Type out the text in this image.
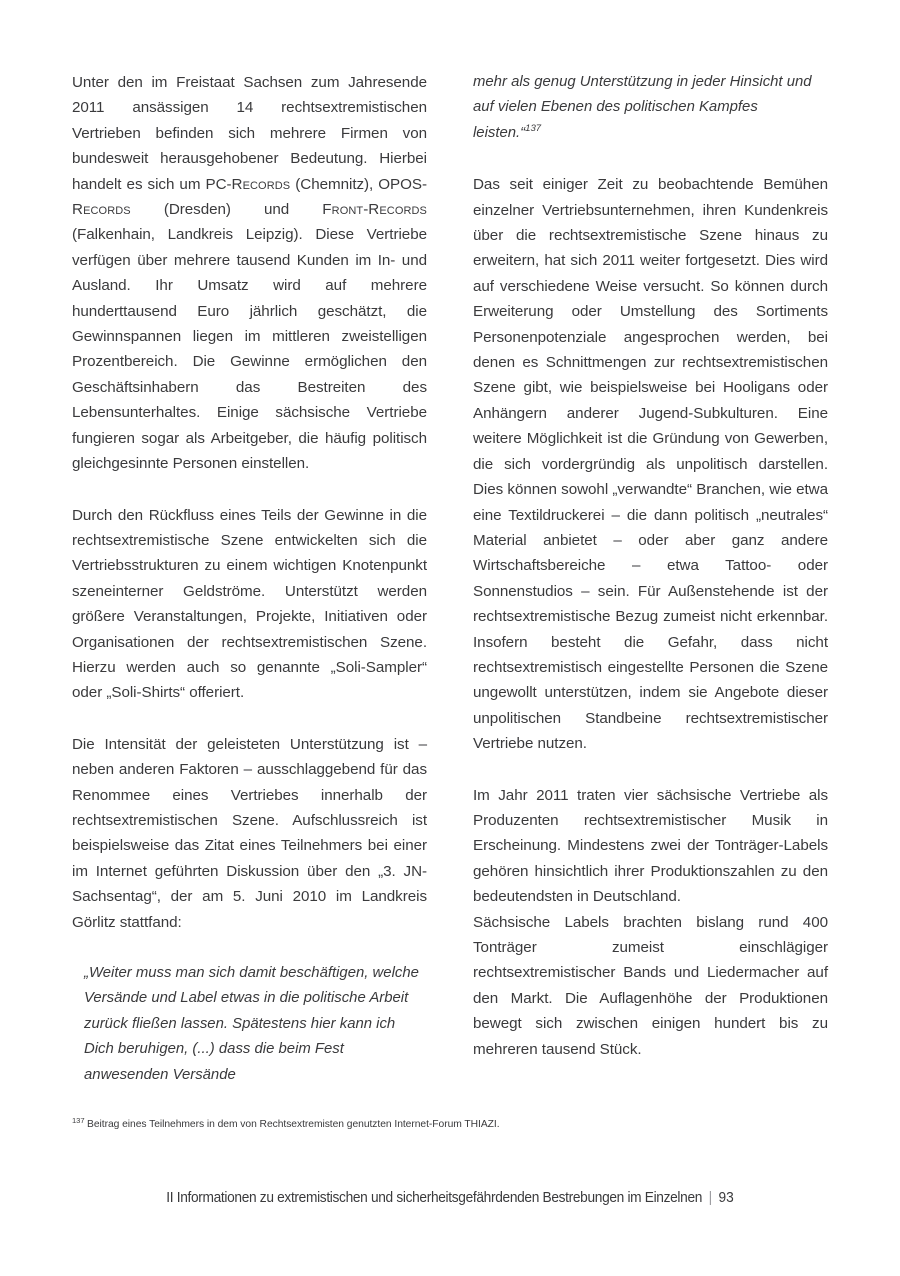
Unter den im Freistaat Sachsen zum Jahresende 2011 ansässigen 14 rechtsextremistischen Vertrieben befinden sich mehrere Firmen von bundesweit herausgehobener Bedeutung. Hierbei handelt es sich um PC-Records (Chemnitz), OPOS-Records (Dresden) und Front-Records (Falkenhain, Landkreis Leipzig). Diese Vertriebe verfügen über mehrere tausend Kunden im In- und Ausland. Ihr Umsatz wird auf mehrere hunderttausend Euro jährlich geschätzt, die Gewinnspannen liegen im mittleren zweistelligen Prozentbereich. Die Gewinne ermöglichen den Geschäftsinhabern das Bestreiten des Lebensunterhaltes. Einige sächsische Vertriebe fungieren sogar als Arbeitgeber, die häufig politisch gleichgesinnte Personen einstellen.

Durch den Rückfluss eines Teils der Gewinne in die rechtsextremistische Szene entwickelten sich die Vertriebsstrukturen zu einem wichtigen Knotenpunkt szeneinterner Geldströme. Unterstützt werden größere Veranstaltungen, Projekte, Initiativen oder Organisationen der rechtsextremistischen Szene. Hierzu werden auch so genannte „Soli-Sampler“ oder „Soli-Shirts“ offeriert.

Die Intensität der geleisteten Unterstützung ist – neben anderen Faktoren – ausschlaggebend für das Renommee eines Vertriebes innerhalb der rechtsextremistischen Szene. Aufschlussreich ist beispielsweise das Zitat eines Teilnehmers bei einer im Internet geführten Diskussion über den „3. JN-Sachsentag“, der am 5. Juni 2010 im Landkreis Görlitz stattfand:

„Weiter muss man sich damit beschäftigen, welche Versände und Label etwas in die politische Arbeit zurück fließen lassen. Spätestens hier kann ich Dich beruhigen, (...) dass die beim Fest anwesenden Versände
mehr als genug Unterstützung in jeder Hinsicht und auf vielen Ebenen des politischen Kampfes leisten.“$^{137}$

Das seit einiger Zeit zu beobachtende Bemühen einzelner Vertriebsunternehmen, ihren Kundenkreis über die rechtsextremistische Szene hinaus zu erweitern, hat sich 2011 weiter fortgesetzt. Dies wird auf verschiedene Weise versucht. So können durch Erweiterung oder Umstellung des Sortiments Personenpotenziale angesprochen werden, bei denen es Schnittmengen zur rechtsextremistischen Szene gibt, wie beispielsweise bei Hooligans oder Anhängern anderer Jugend-Subkulturen. Eine weitere Möglichkeit ist die Gründung von Gewerben, die sich vordergründig als unpolitisch darstellen. Dies können sowohl „verwandte“ Branchen, wie etwa eine Textildruckerei – die dann politisch „neutrales“ Material anbietet – oder aber ganz andere Wirtschaftsbereiche – etwa Tattoo- oder Sonnenstudios – sein. Für Außenstehende ist der rechtsextremistische Bezug zumeist nicht erkennbar. Insofern besteht die Gefahr, dass nicht rechtsextremistisch eingestellte Personen die Szene ungewollt unterstützen, indem sie Angebote dieser unpolitischen Standbeine rechtsextremistischer Vertriebe nutzen.

Im Jahr 2011 traten vier sächsische Vertriebe als Produzenten rechtsextremistischer Musik in Erscheinung. Mindestens zwei der Tonträger-Labels gehören hinsichtlich ihrer Produktionszahlen zu den bedeutendsten in Deutschland.

Sächsische Labels brachten bislang rund 400 Tonträger zumeist einschlägiger rechtsextremistischer Bands und Liedermacher auf den Markt. Die Auflagenhöhe der Produktionen bewegt sich zwischen einigen hundert bis zu mehreren tausend Stück.

$^{137}$ Beitrag eines Teilnehmers in dem von Rechtsextremisten genutzten Internet-Forum THIAZI.
II Informationen zu extremistischen und sicherheitsgefährdenden Bestrebungen im Einzelnen | 93
